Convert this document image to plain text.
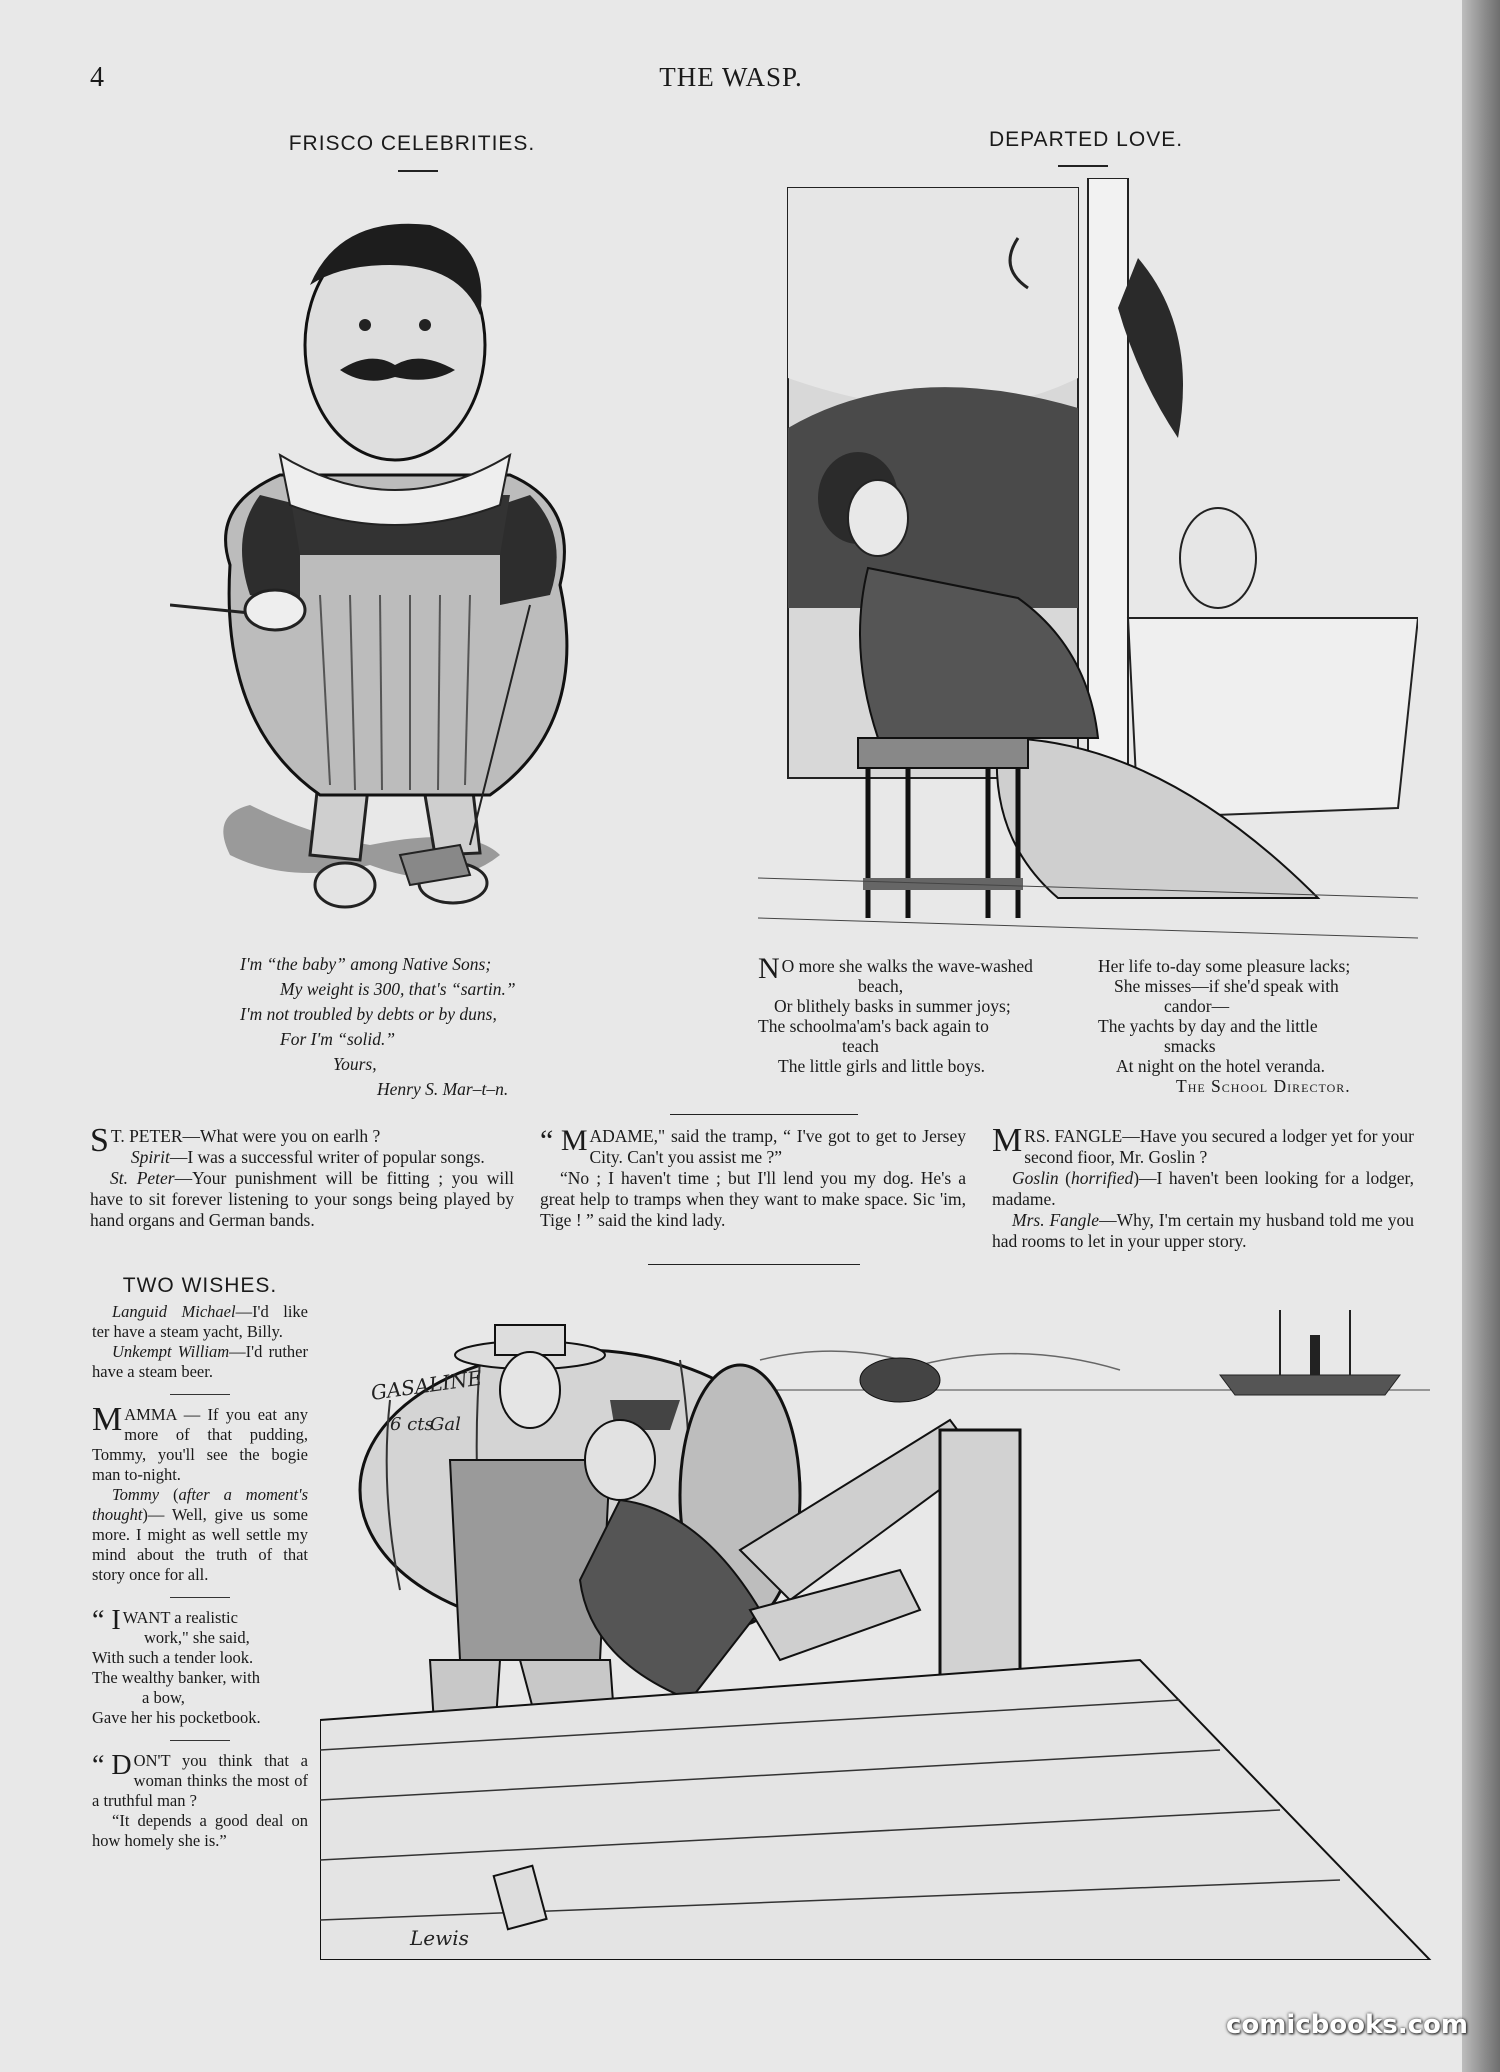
4	THE WASP.
FRISCO CELEBRITIES.
I'm “the baby” among Native Sons;
My weight is 300, that's “sartin.”
I'm not troubled by debts or by duns,
For I'm “solid.”
Yours,
Henry S. Mar–t–n.
DEPARTED LOVE.
N O more she walks the wave-washed
beach,
Or blithely basks in summer joys;
The schoolma'am's back again to
teach
The little girls and little boys.
Her life to-day some pleasure lacks;
She misses—if she'd speak with
candor—
The yachts by day and the little
smacks
At night on the hotel veranda.
The School Director.

S T. PETER—What were you on earlh ?

Spirit—I was a successful writer of popular songs.

St. Peter—Your punishment will be fitting ; you will have to sit forever listening to your songs being played by hand organs and German bands.

“ M ADAME," said the tramp, “ I've got to get to Jersey City. Can't you assist me ?”

“No ; I haven't time ; but I'll lend you my dog. He's a great help to tramps when they want to make space. Sic 'im, Tige ! ” said the kind lady.

MRS. FANGLE—Have you secured a lodger yet for your second fioor, Mr. Goslin ?

Goslin (horrified)—I haven't been looking for a lodger, madame.

Mrs. Fangle—Why, I'm certain my husband told me you had rooms to let in your upper story.

TWO WISHES.

Languid Michael—I'd like ter have a steam yacht, Billy.

Unkempt William—I'd ruther have a steam beer.

MAMMA — If you eat any more of that pudding, Tommy, you'll see the bogie man to-night.

Tommy (after a moment's thought)— Well, give us some more. I might as well settle my mind about the truth of that story once for all.

“ I WANT a realistic
work," she said,
With such a tender look.
The wealthy banker, with
a bow,
Gave her his pocketbook.

“ D ON'T you think that a woman thinks the most of a truthful man ?

“It depends a good deal on how homely she is.”

GASALINE
6 cts
Gal
Lewis
comicbooks.com
